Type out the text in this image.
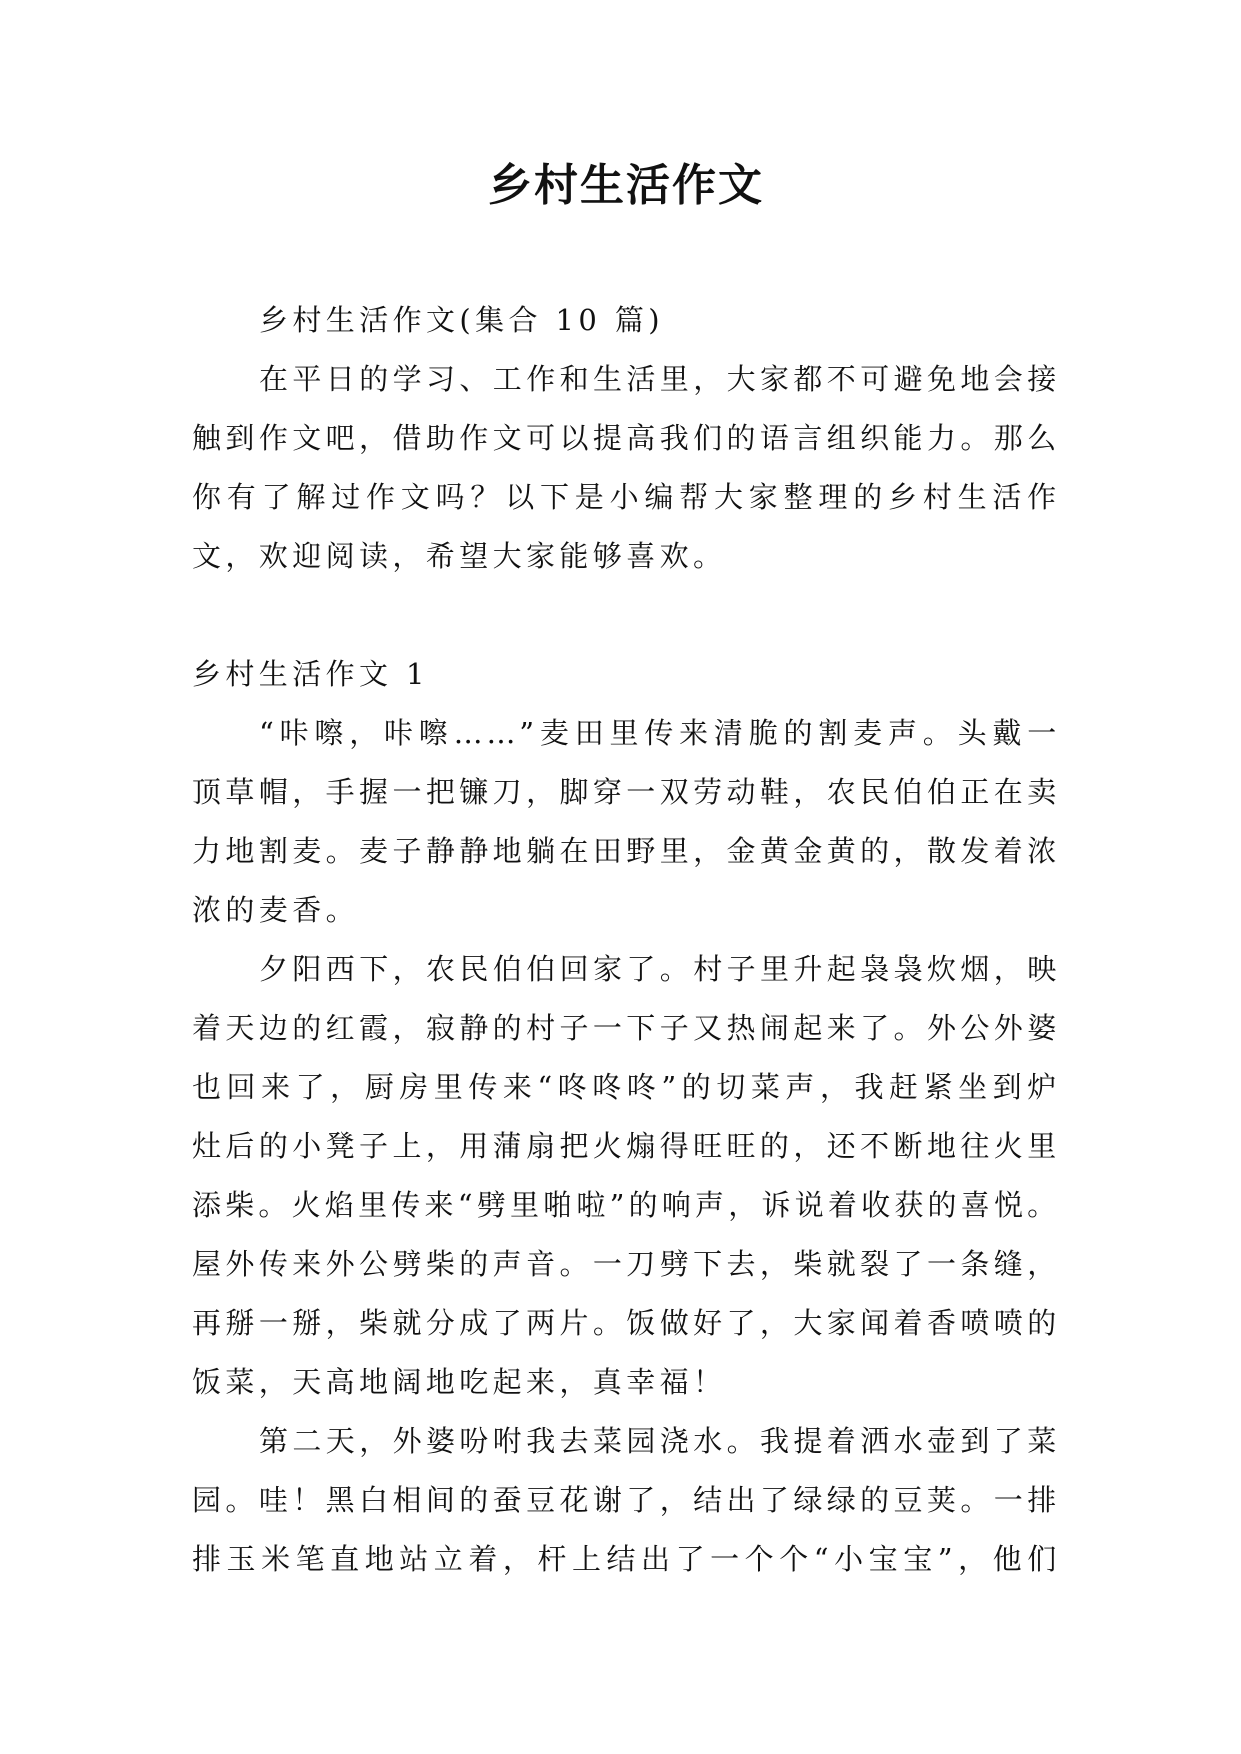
乡村生活作文
乡村生活作文(集合 10 篇)
在平日的学习、工作和生活里，大家都不可避免地会接
触到作文吧，借助作文可以提高我们的语言组织能力。那么
你有了解过作文吗？以下是小编帮大家整理的乡村生活作
文，欢迎阅读，希望大家能够喜欢。
乡村生活作文 1
“咔嚓，咔嚓……”麦田里传来清脆的割麦声。头戴一
顶草帽，手握一把镰刀，脚穿一双劳动鞋，农民伯伯正在卖
力地割麦。麦子静静地躺在田野里，金黄金黄的，散发着浓
浓的麦香。
夕阳西下，农民伯伯回家了。村子里升起袅袅炊烟，映
着天边的红霞，寂静的村子一下子又热闹起来了。外公外婆
也回来了，厨房里传来“咚咚咚”的切菜声，我赶紧坐到炉
灶后的小凳子上，用蒲扇把火煽得旺旺的，还不断地往火里
添柴。火焰里传来“劈里啪啦”的响声，诉说着收获的喜悦。
屋外传来外公劈柴的声音。一刀劈下去，柴就裂了一条缝，
再掰一掰，柴就分成了两片。饭做好了，大家闻着香喷喷的
饭菜，天高地阔地吃起来，真幸福！
第二天，外婆吩咐我去菜园浇水。我提着洒水壶到了菜
园。哇！黑白相间的蚕豆花谢了，结出了绿绿的豆荚。一排
排玉米笔直地站立着，杆上结出了一个个“小宝宝”，他们
